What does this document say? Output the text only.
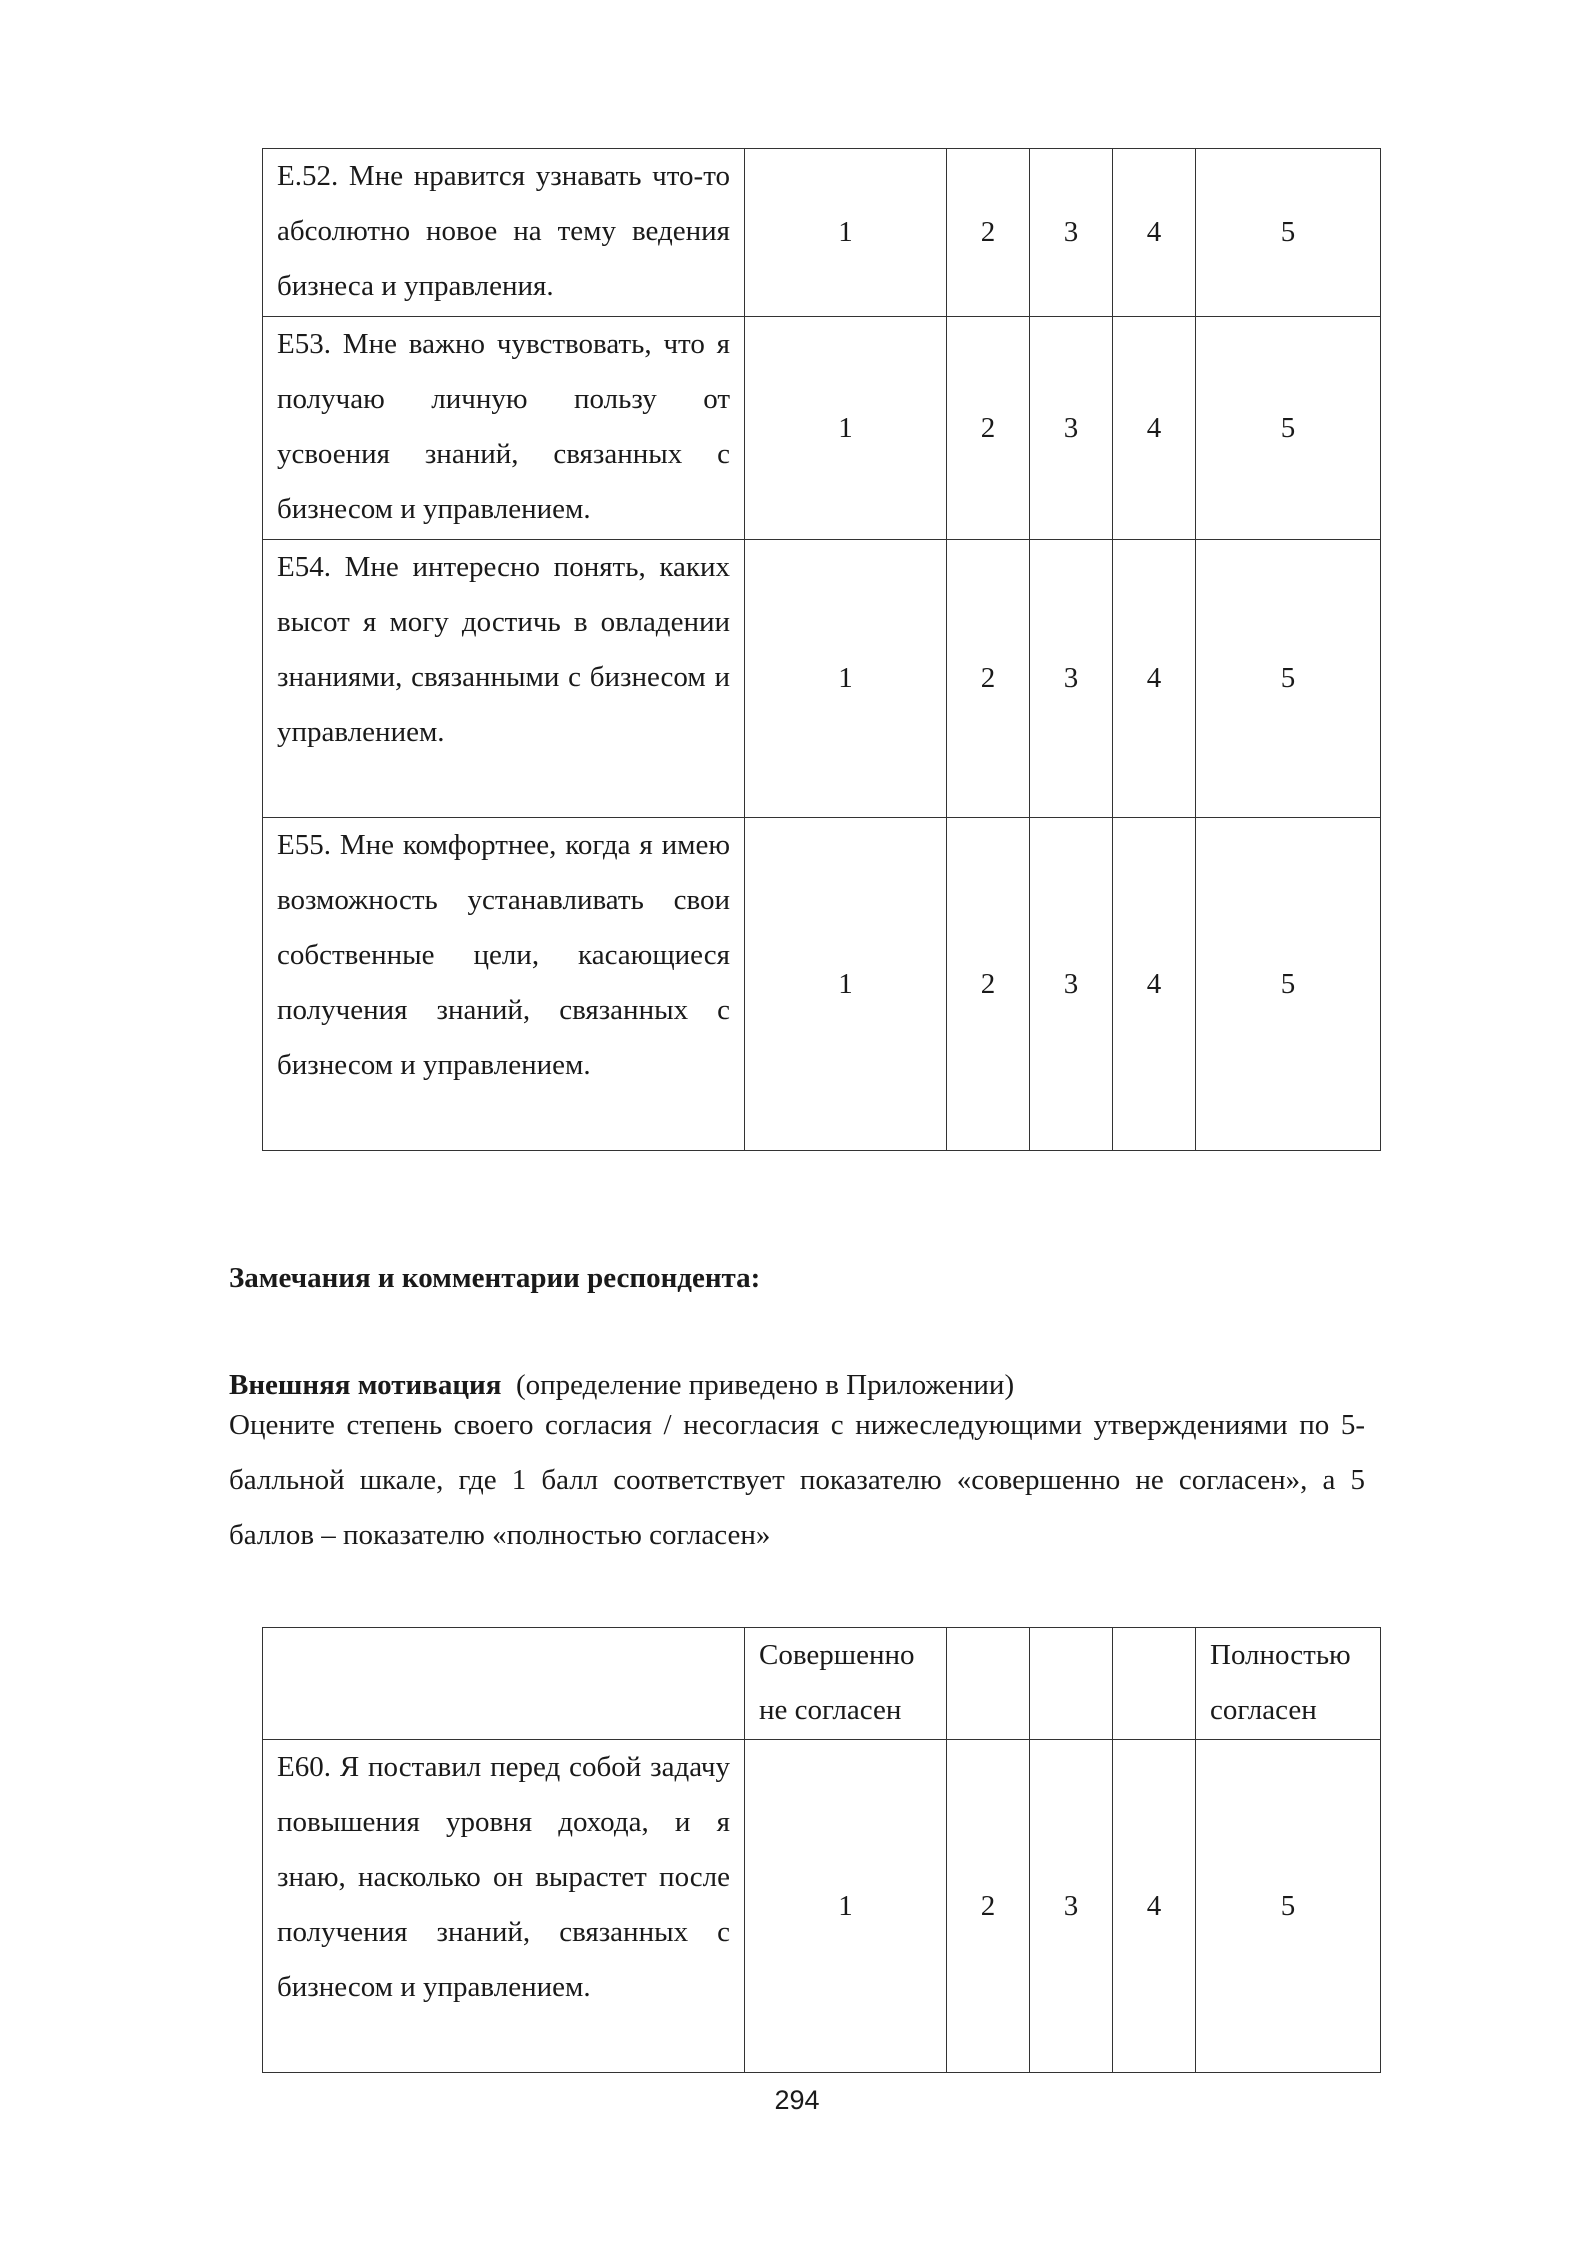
Е.52. Мне нравится узнавать что-то абсолютно новое на тему ведения бизнеса и управления.	1	2	3	4	5
Е53. Мне важно чувствовать, что я получаю личную пользу от усвоения знаний, связанных с бизнесом и управлением.	1	2	3	4	5
Е54. Мне интересно понять, каких высот я могу достичь в овладении знаниями, связанными с бизнесом и управлением.	1	2	3	4	5
Е55. Мне комфортнее, когда я имею возможность устанавливать свои собственные цели, касающиеся получения знаний, связанных с бизнесом и управлением.	1	2	3	4	5
Замечания и комментарии респондента:
Внешняя мотивация (определение приведено в Приложении)
Оцените степень своего согласия / несогласия с нижеследующими утверждениями по 5-балльной шкале, где 1 балл соответствует показателю «совершенно не согласен», а 5 баллов – показателю «полностью согласен»
	Совершенно не согласен				Полностью согласен
Е60. Я поставил перед собой задачу повышения уровня дохода, и я знаю, насколько он вырастет после получения знаний, связанных с бизнесом и управлением.	1	2	3	4	5
294
